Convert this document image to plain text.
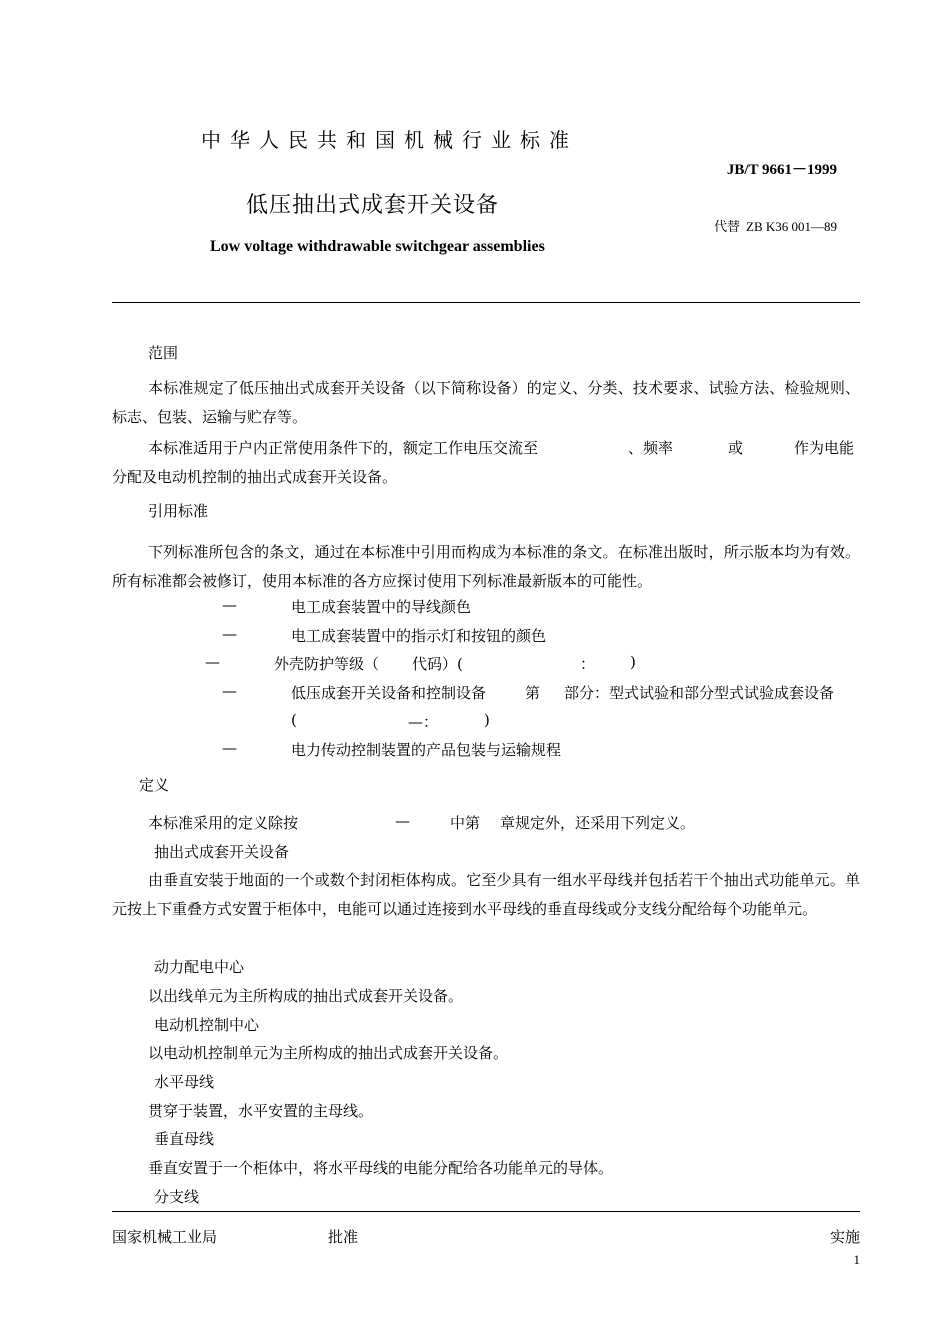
中华人民共和国机械行业标准
JB/T 9661－1999
低压抽出式成套开关设备
代替 ZB K36 001—89
Low voltage withdrawable switchgear assemblies
范围
本标准规定了低压抽出式成套开关设备（以下简称设备）的定义、分类、技术要求、试验方法、检验规则、标志、包装、运输与贮存等。
本标准适用于户内正常使用条件下的，额定工作电压交流至	、频率	或	作为电能
分配及电动机控制的抽出式成套开关设备。
引用标准
下列标准所包含的条文，通过在本标准中引用而构成为本标准的条文。在标准出版时，所示版本均为有效。所有标准都会被修订，使用本标准的各方应探讨使用下列标准最新版本的可能性。
—	电工成套装置中的导线颜色
—	电工成套装置中的指示灯和按钮的颜色
—	外壳防护等级（ 代码）(	： )
—	低压成套开关设备和控制设备	第 部分：型式试验和部分型式试验成套设备
(	—：	)
—	电力传动控制装置的产品包装与运输规程
定义
本标准采用的定义除按	—	中第 章规定外，还采用下列定义。
抽出式成套开关设备
由垂直安装于地面的一个或数个封闭柜体构成。它至少具有一组水平母线并包括若干个抽出式功能单元。单元按上下重叠方式安置于柜体中，电能可以通过连接到水平母线的垂直母线或分支线分配给每个功能单元。
动力配电中心
以出线单元为主所构成的抽出式成套开关设备。
电动机控制中心
以电动机控制单元为主所构成的抽出式成套开关设备。
水平母线
贯穿于装置，水平安置的主母线。
垂直母线
垂直安置于一个柜体中，将水平母线的电能分配给各功能单元的导体。
分支线
国家机械工业局	批准	实施
1
